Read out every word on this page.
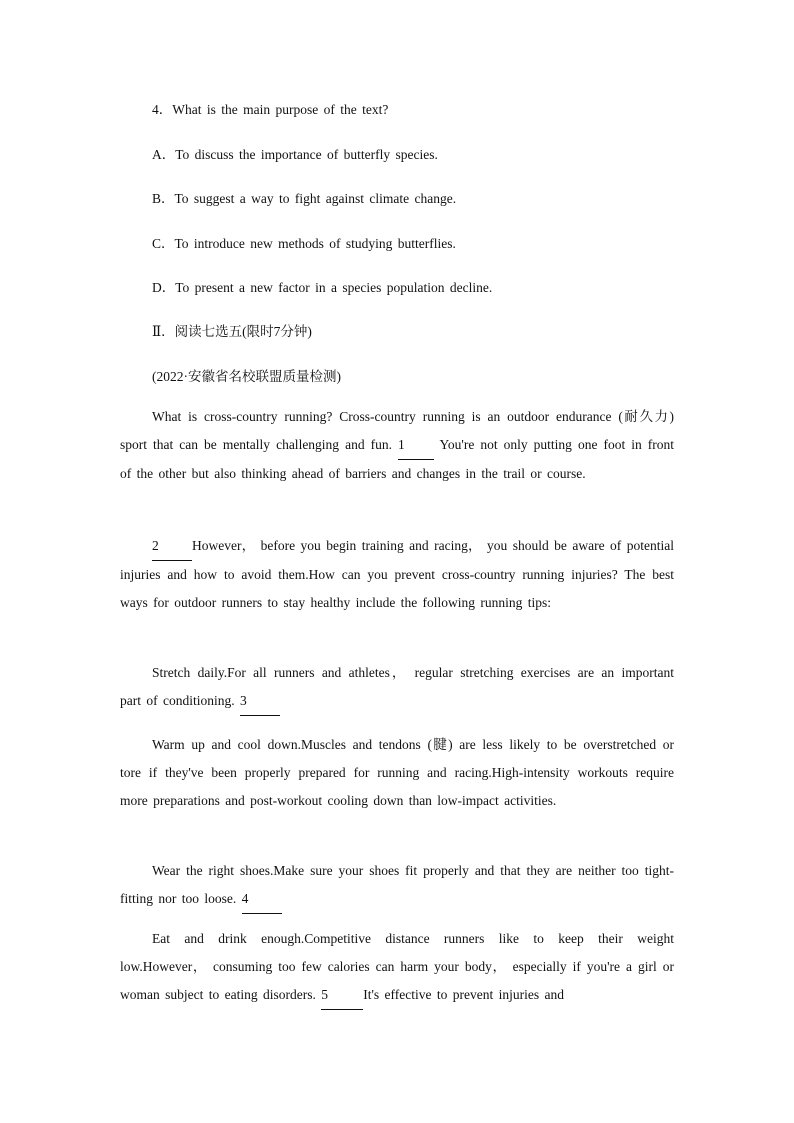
4．What is the main purpose of the text?
A．To discuss the importance of butterfly species.
B．To suggest a way to fight against climate change.
C．To introduce new methods of studying butterflies.
D．To present a new factor in a species population decline.
Ⅱ．阅读七选五(限时7分钟)
(2022·安徽省名校联盟质量检测)
What is cross-country running? Cross-country running is an outdoor endurance (耐久力) sport that can be mentally challenging and fun. 1 You're not only putting one foot in front of the other but also thinking ahead of barriers and changes in the trail or course.
2 However， before you begin training and racing， you should be aware of potential injuries and how to avoid them.How can you prevent cross-country running injuries? The best ways for outdoor runners to stay healthy include the following running tips:
Stretch daily.For all runners and athletes， regular stretching exercises are an important part of conditioning. 3
Warm up and cool down.Muscles and tendons (腱) are less likely to be overstretched or tore if they've been properly prepared for running and racing.High-intensity workouts require more preparations and post-workout cooling down than low-impact activities.
Wear the right shoes.Make sure your shoes fit properly and that they are neither too tight-fitting nor too loose. 4
Eat and drink enough.Competitive distance runners like to keep their weight low.However， consuming too few calories can harm your body， especially if you're a girl or woman subject to eating disorders. 5	It's effective to prevent injuries and
